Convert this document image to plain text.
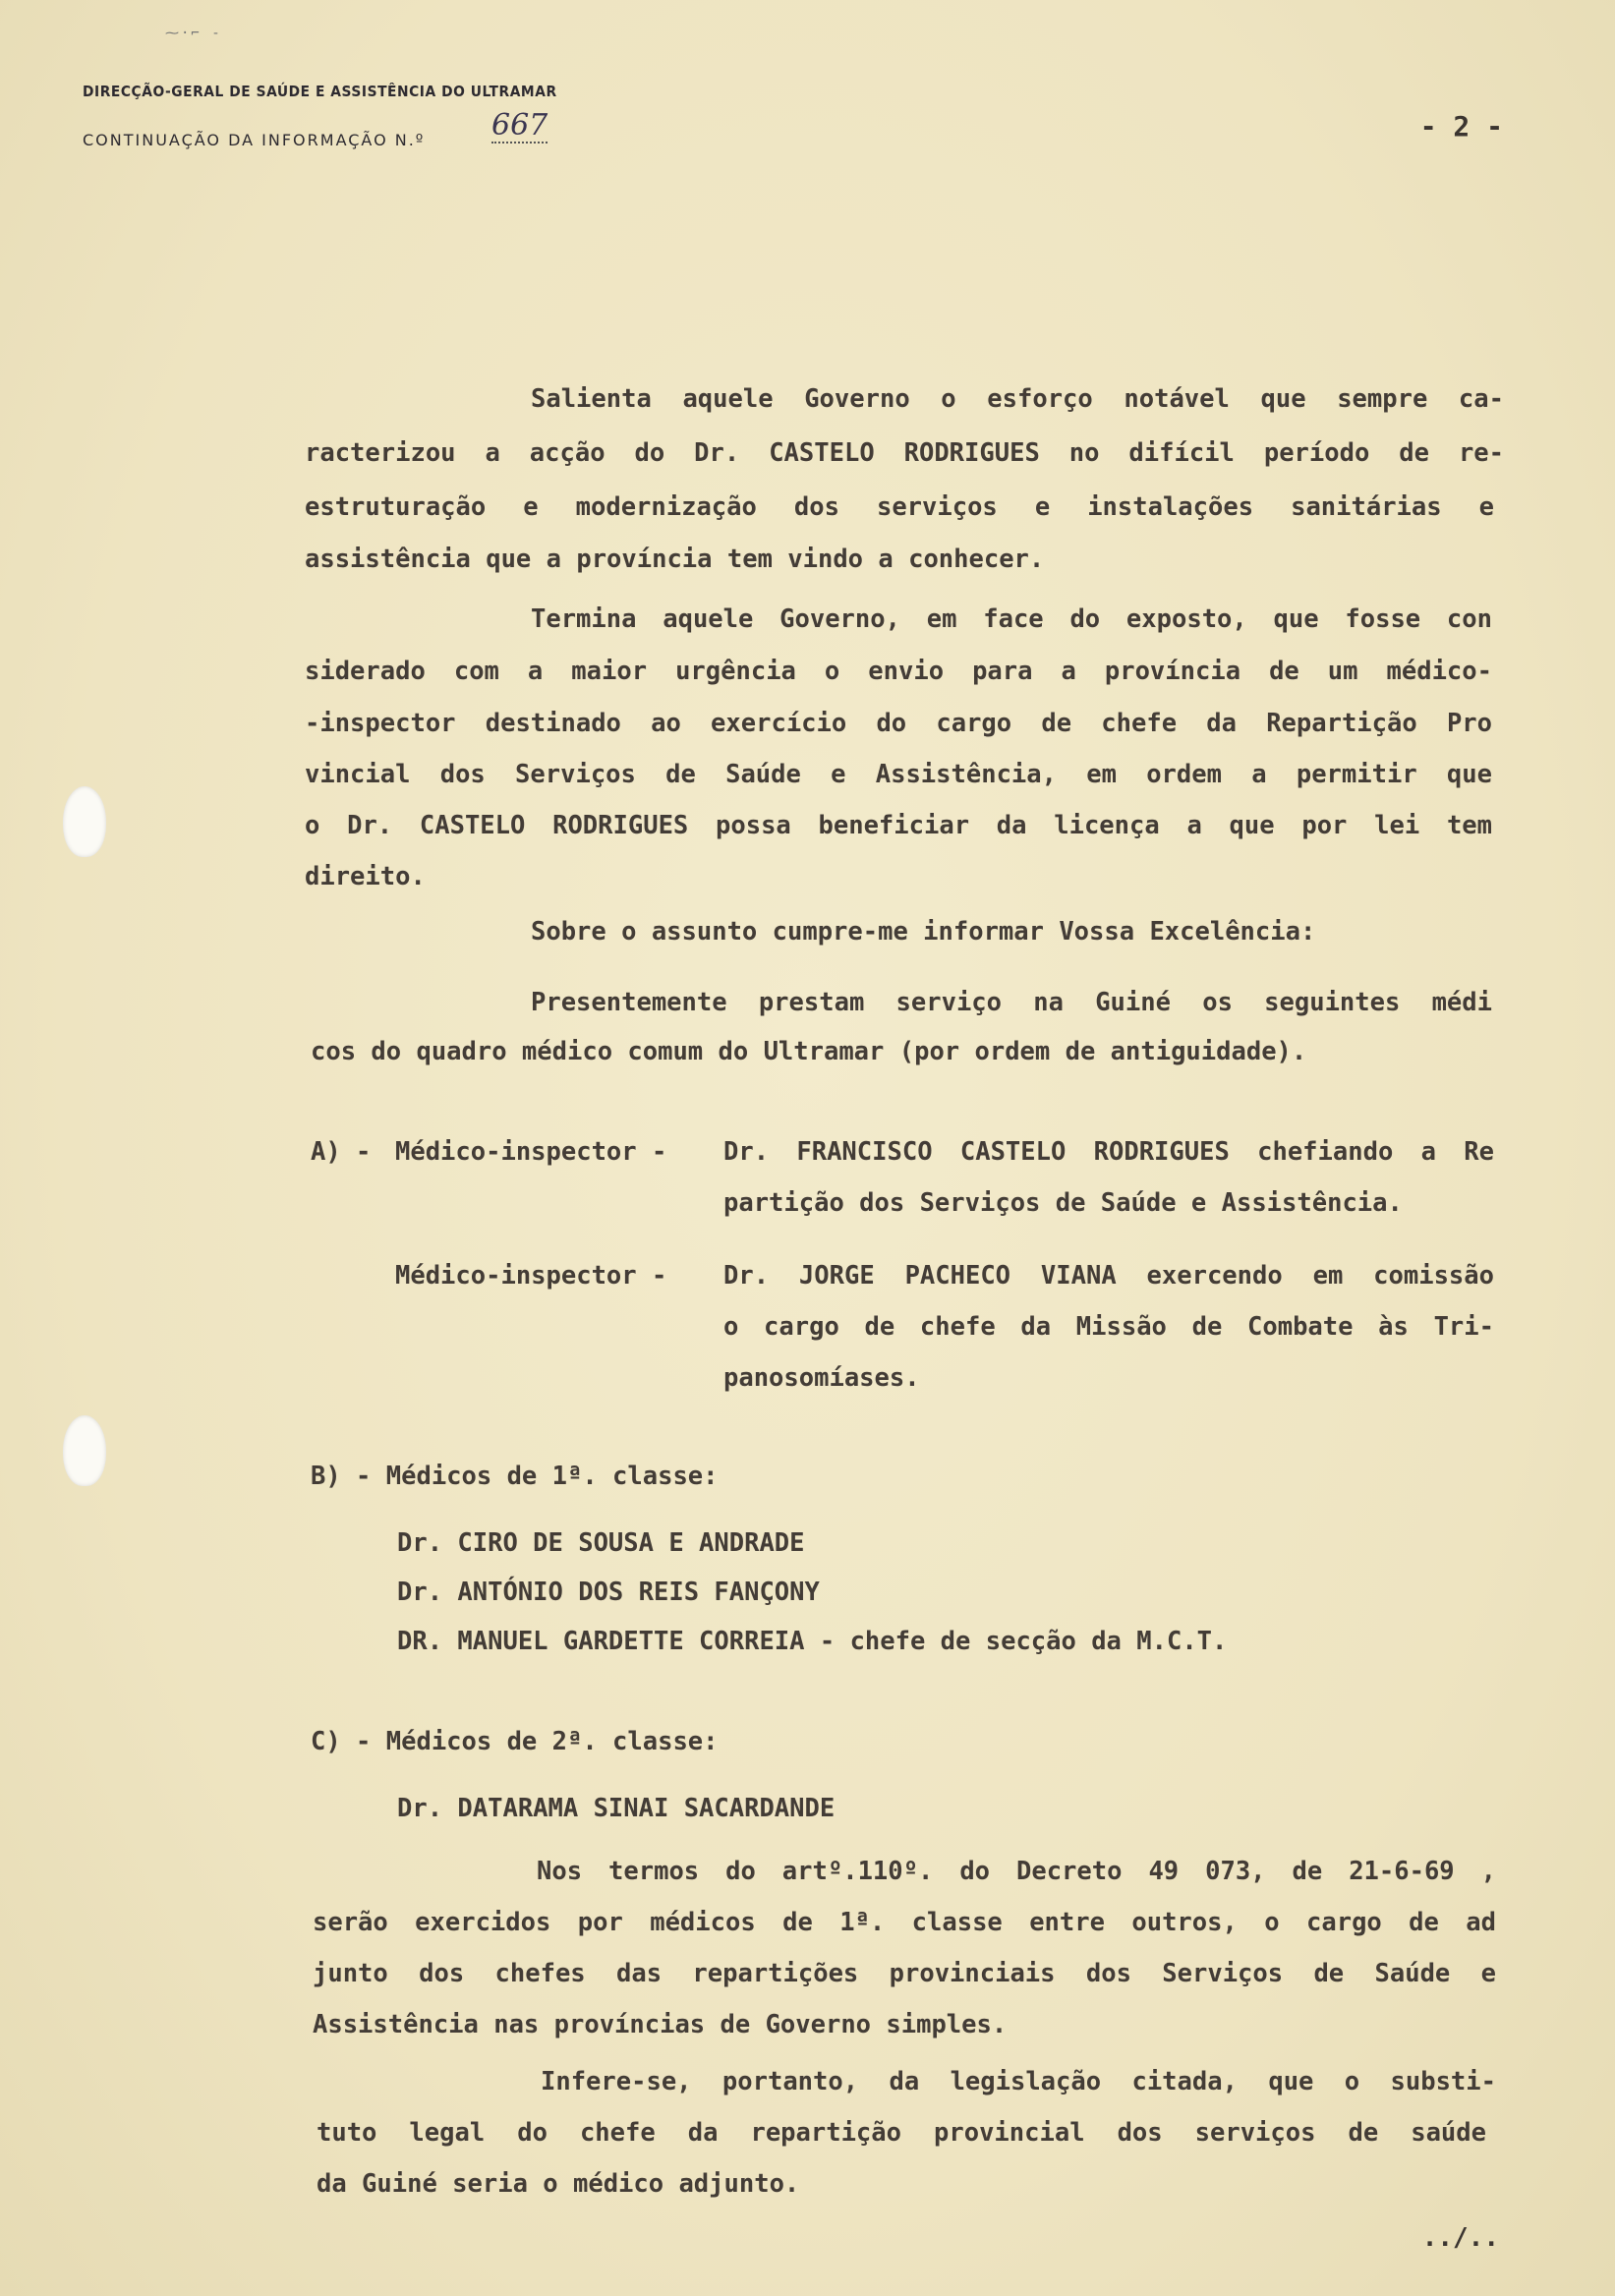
⁓·⌐ -
DIRECÇÃO-GERAL DE SAÚDE E ASSISTÊNCIA DO ULTRAMAR
CONTINUAÇÃO DA INFORMAÇÃO N.º 667	- 2 -
Salienta aquele Governo o esforço notável que sempre ca-
racterizou a acção do Dr. CASTELO RODRIGUES no difícil período de re-
estruturação e modernização dos serviços e instalações sanitárias e
assistência que a província tem vindo a conhecer.
Termina aquele Governo, em face do exposto, que fosse con
siderado com a maior urgência o envio para a província de um médico-
-inspector destinado ao exercício do cargo de chefe da Repartição Pro
vincial dos Serviços de Saúde e Assistência, em ordem a permitir que
o Dr. CASTELO RODRIGUES possa beneficiar da licença a que por lei tem
direito.
Sobre o assunto cumpre-me informar Vossa Excelência:
Presentemente prestam serviço na Guiné os seguintes médi
cos do quadro médico comum do Ultramar (por ordem de antiguidade).
A) - Médico-inspector - Dr. FRANCISCO CASTELO RODRIGUES chefiando a Re
partição dos Serviços de Saúde e Assistência.
Médico-inspector - Dr. JORGE PACHECO VIANA exercendo em comissão
o cargo de chefe da Missão de Combate às Tri-
panosomíases.
B) - Médicos de 1ª. classe:
Dr. CIRO DE SOUSA E ANDRADE
Dr. ANTÓNIO DOS REIS FANÇONY
DR. MANUEL GARDETTE CORREIA - chefe de secção da M.C.T.
C) - Médicos de 2ª. classe:
Dr. DATARAMA SINAI SACARDANDE
Nos termos do artº.110º. do Decreto 49 073, de 21-6-69 ,
serão exercidos por médicos de 1ª. classe entre outros, o cargo de ad
junto dos chefes das repartições provinciais dos Serviços de Saúde e
Assistência nas províncias de Governo simples.
Infere-se, portanto, da legislação citada, que o substi-
tuto legal do chefe da repartição provincial dos serviços de saúde
da Guiné seria o médico adjunto.
../..
